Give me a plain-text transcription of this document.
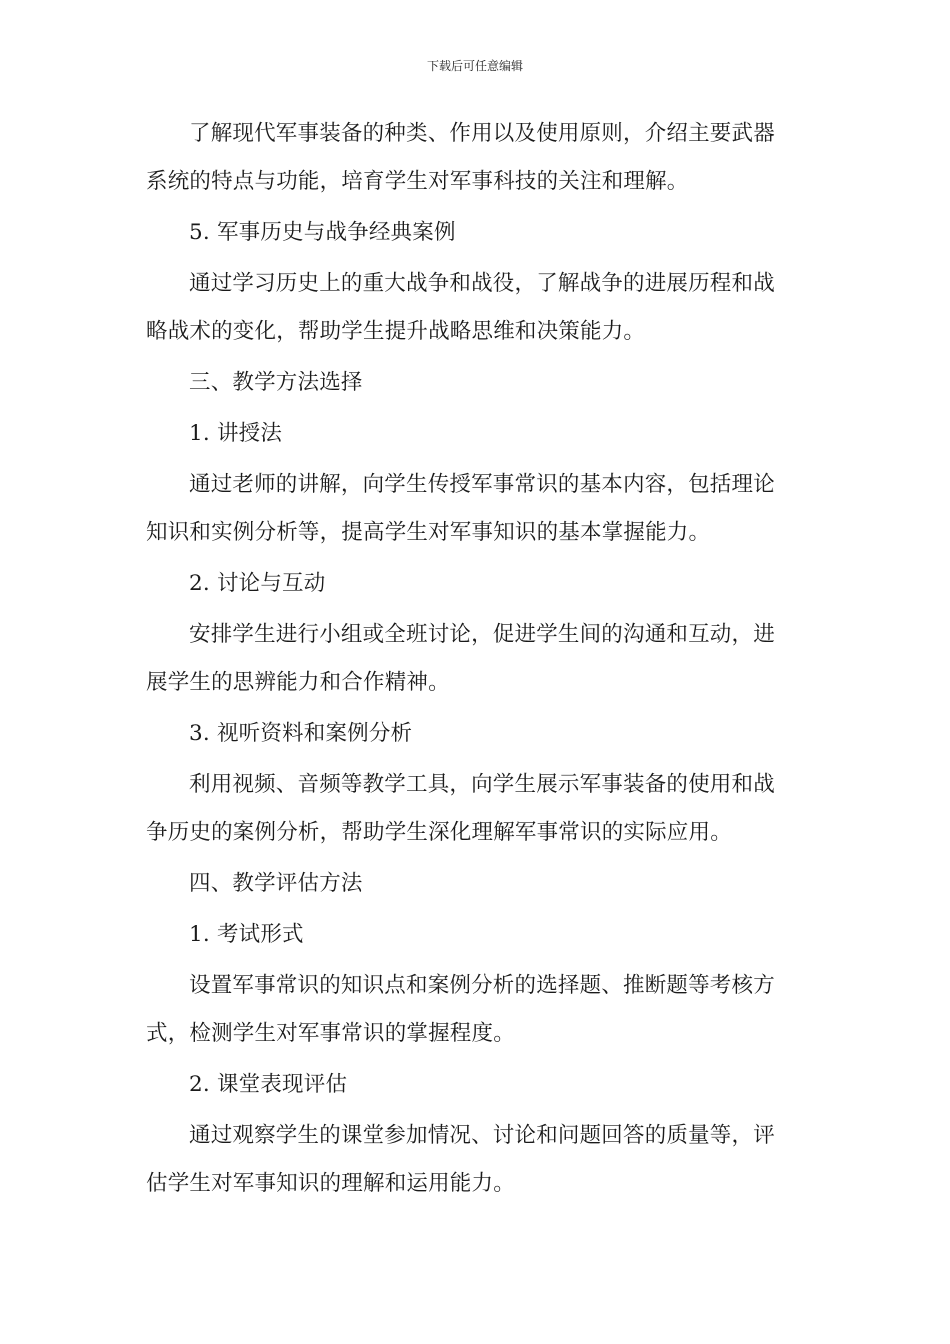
下载后可任意编辑

了解现代军事装备的种类、作用以及使用原则，介绍主要武器系统的特点与功能，培育学生对军事科技的关注和理解。

5. 军事历史与战争经典案例

通过学习历史上的重大战争和战役，了解战争的进展历程和战略战术的变化，帮助学生提升战略思维和决策能力。

三、教学方法选择

1. 讲授法

通过老师的讲解，向学生传授军事常识的基本内容，包括理论知识和实例分析等，提高学生对军事知识的基本掌握能力。

2. 讨论与互动

安排学生进行小组或全班讨论，促进学生间的沟通和互动，进展学生的思辨能力和合作精神。

3. 视听资料和案例分析

利用视频、音频等教学工具，向学生展示军事装备的使用和战争历史的案例分析，帮助学生深化理解军事常识的实际应用。

四、教学评估方法

1. 考试形式

设置军事常识的知识点和案例分析的选择题、推断题等考核方式，检测学生对军事常识的掌握程度。

2. 课堂表现评估

通过观察学生的课堂参加情况、讨论和问题回答的质量等，评估学生对军事知识的理解和运用能力。
